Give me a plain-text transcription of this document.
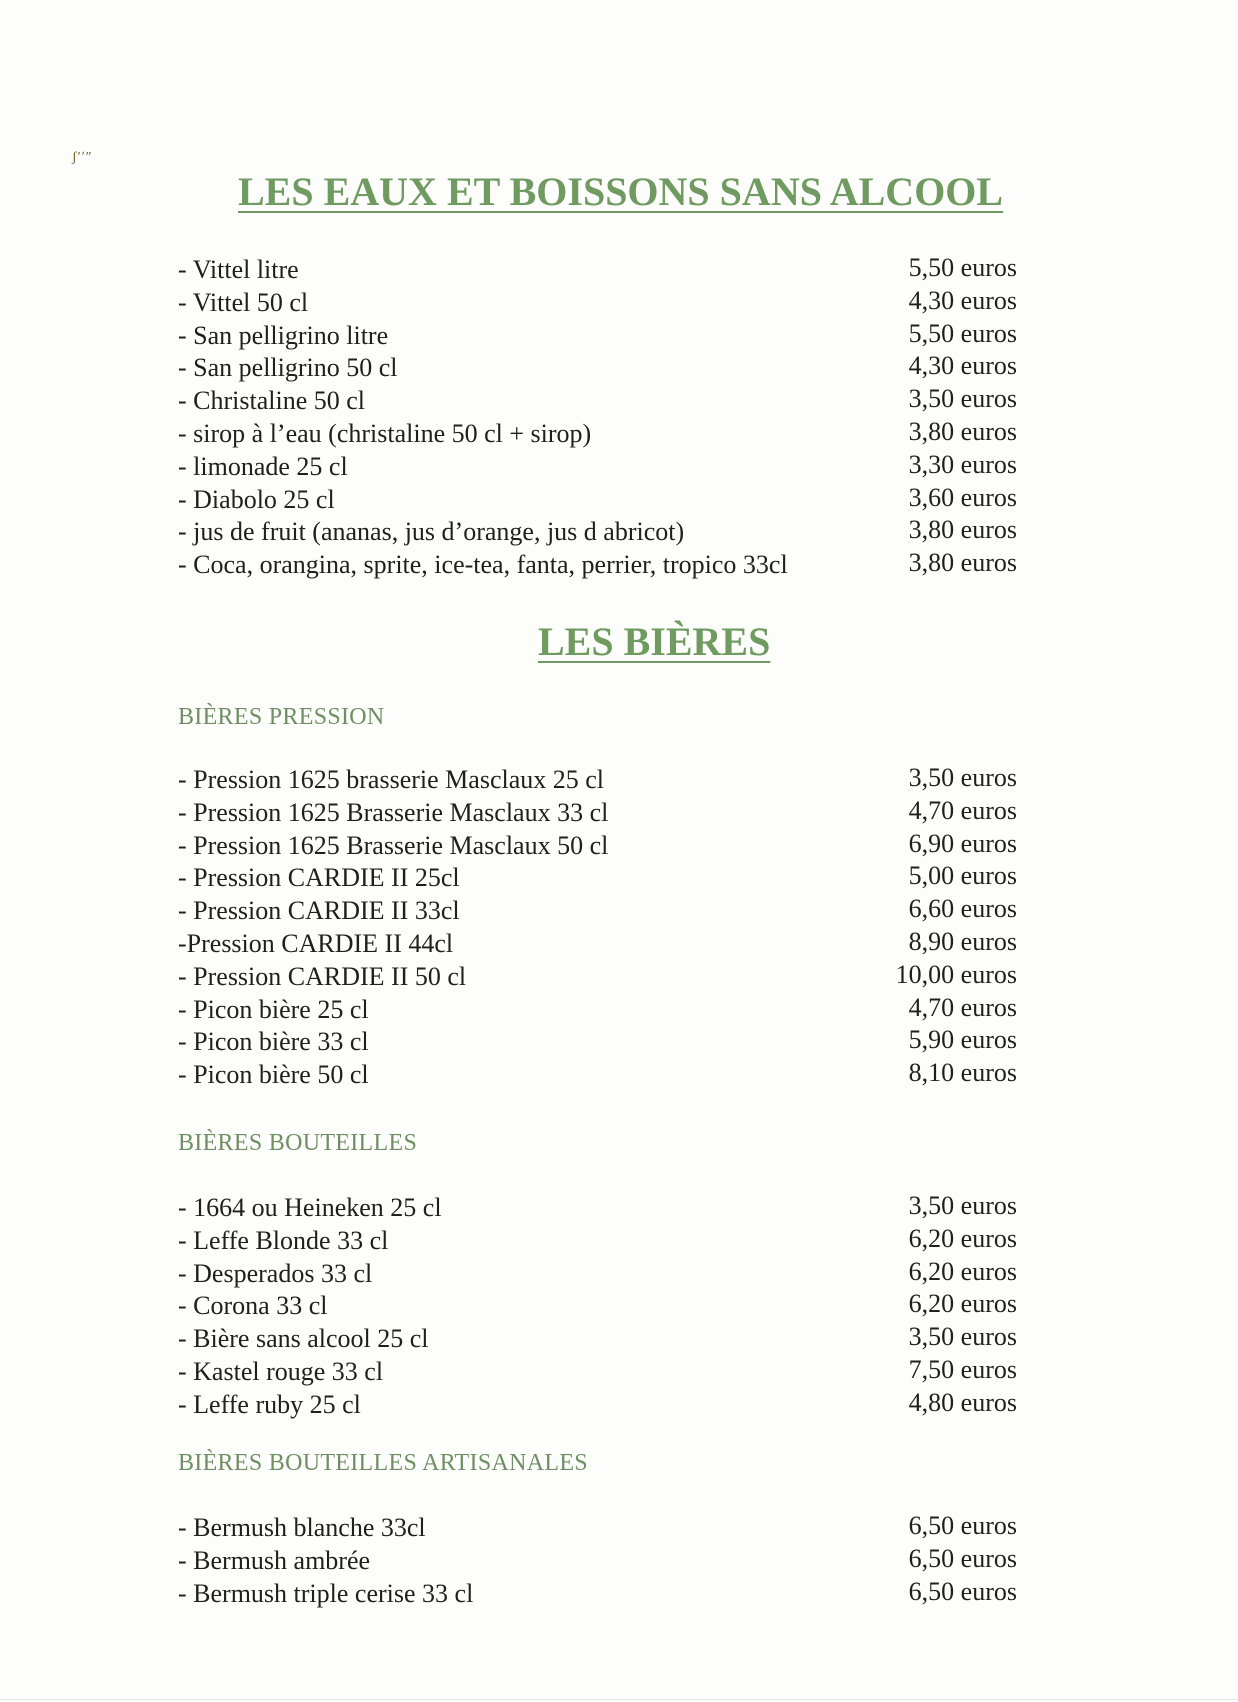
ʃ′ʹ″
LES EAUX ET BOISSONS SANS ALCOOL
- Vittel litre	5,50 euros
- Vittel 50 cl	4,30 euros
- San pelligrino litre	5,50 euros
- San pelligrino 50 cl	4,30 euros
- Christaline 50 cl	3,50 euros
- sirop à l’eau (christaline 50 cl + sirop)	3,80 euros
- limonade 25 cl	3,30 euros
- Diabolo 25 cl	3,60 euros
- jus de fruit (ananas, jus d’orange, jus d abricot)	3,80 euros
- Coca, orangina, sprite, ice-tea, fanta, perrier, tropico 33cl	3,80 euros
LES BIÈRES
BIÈRES PRESSION
- Pression 1625 brasserie Masclaux 25 cl	3,50 euros
- Pression 1625 Brasserie Masclaux 33 cl	4,70 euros
- Pression 1625 Brasserie Masclaux 50 cl	6,90 euros
- Pression CARDIE II 25cl	5,00 euros
- Pression CARDIE II 33cl	6,60 euros
-Pression CARDIE II 44cl	8,90 euros
- Pression CARDIE II 50 cl	10,00 euros
- Picon bière 25 cl	4,70 euros
- Picon bière 33 cl	5,90 euros
- Picon bière 50 cl	8,10 euros
BIÈRES BOUTEILLES
- 1664 ou Heineken 25 cl	3,50 euros
- Leffe Blonde 33 cl	6,20 euros
- Desperados 33 cl	6,20 euros
- Corona 33 cl	6,20 euros
- Bière sans alcool 25 cl	3,50 euros
- Kastel rouge 33 cl	7,50 euros
- Leffe ruby 25 cl	4,80 euros
BIÈRES BOUTEILLES ARTISANALES
- Bermush blanche 33cl	6,50 euros
- Bermush ambrée	6,50 euros
- Bermush triple cerise 33 cl	6,50 euros
